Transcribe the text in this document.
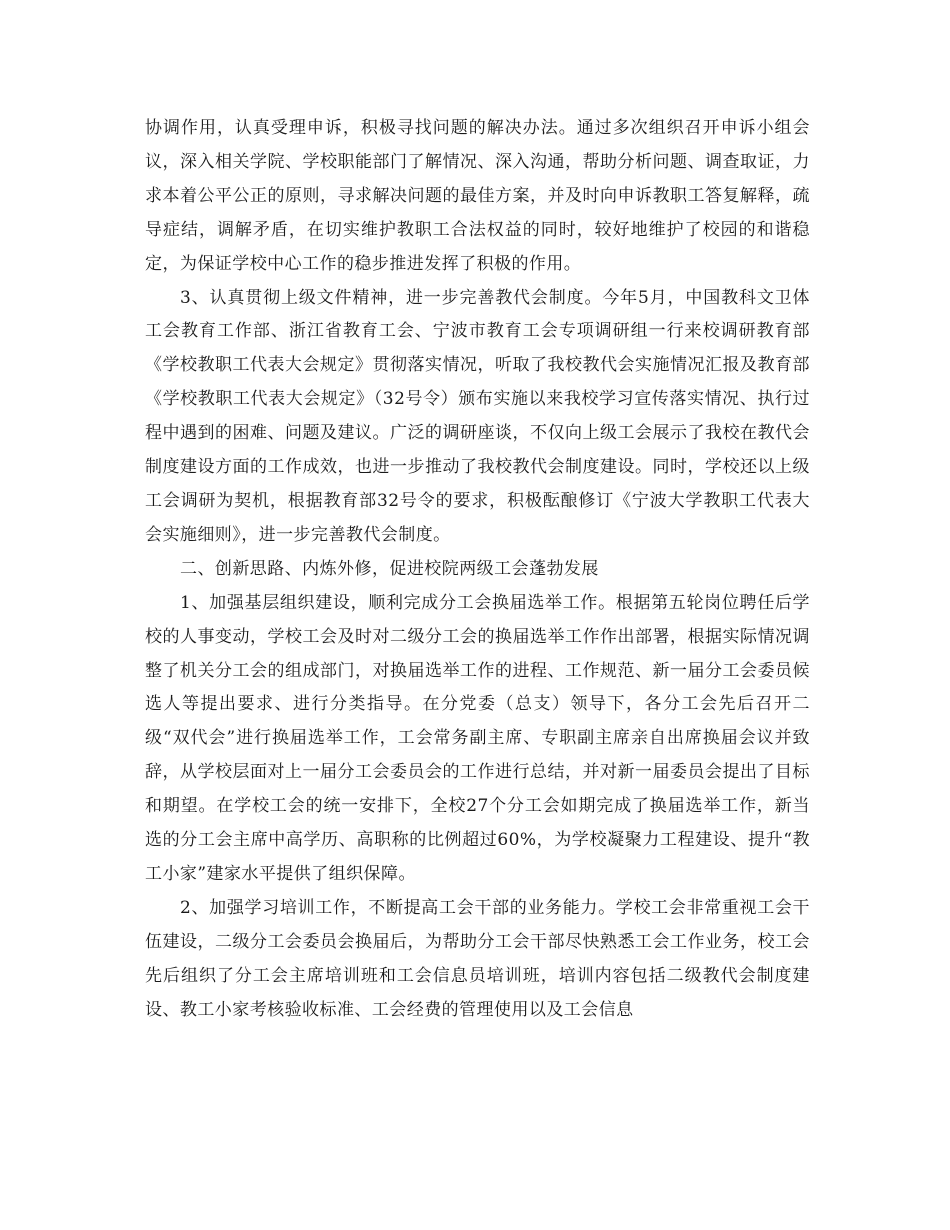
协调作用，认真受理申诉，积极寻找问题的解决办法。通过多次组织召开申诉小组会议，深入相关学院、学校职能部门了解情况、深入沟通，帮助分析问题、调查取证，力求本着公平公正的原则，寻求解决问题的最佳方案，并及时向申诉教职工答复解释，疏导症结，调解矛盾，在切实维护教职工合法权益的同时，较好地维护了校园的和谐稳定，为保证学校中心工作的稳步推进发挥了积极的作用。

3、认真贯彻上级文件精神，进一步完善教代会制度。今年5月，中国教科文卫体工会教育工作部、浙江省教育工会、宁波市教育工会专项调研组一行来校调研教育部《学校教职工代表大会规定》贯彻落实情况，听取了我校教代会实施情况汇报及教育部《学校教职工代表大会规定》（32号令）颁布实施以来我校学习宣传落实情况、执行过程中遇到的困难、问题及建议。广泛的调研座谈，不仅向上级工会展示了我校在教代会制度建设方面的工作成效，也进一步推动了我校教代会制度建设。同时，学校还以上级工会调研为契机，根据教育部32号令的要求，积极酝酿修订《宁波大学教职工代表大会实施细则》，进一步完善教代会制度。

二、创新思路、内炼外修，促进校院两级工会蓬勃发展

1、加强基层组织建设，顺利完成分工会换届选举工作。根据第五轮岗位聘任后学校的人事变动，学校工会及时对二级分工会的换届选举工作作出部署，根据实际情况调整了机关分工会的组成部门，对换届选举工作的进程、工作规范、新一届分工会委员候选人等提出要求、进行分类指导。在分党委（总支）领导下，各分工会先后召开二级“双代会”进行换届选举工作，工会常务副主席、专职副主席亲自出席换届会议并致辞，从学校层面对上一届分工会委员会的工作进行总结，并对新一届委员会提出了目标和期望。在学校工会的统一安排下，全校27个分工会如期完成了换届选举工作，新当选的分工会主席中高学历、高职称的比例超过60%，为学校凝聚力工程建设、提升“教工小家”建家水平提供了组织保障。

2、加强学习培训工作，不断提高工会干部的业务能力。学校工会非常重视工会干伍建设，二级分工会委员会换届后，为帮助分工会干部尽快熟悉工会工作业务，校工会先后组织了分工会主席培训班和工会信息员培训班，培训内容包括二级教代会制度建设、教工小家考核验收标准、工会经费的管理使用以及工会信息
